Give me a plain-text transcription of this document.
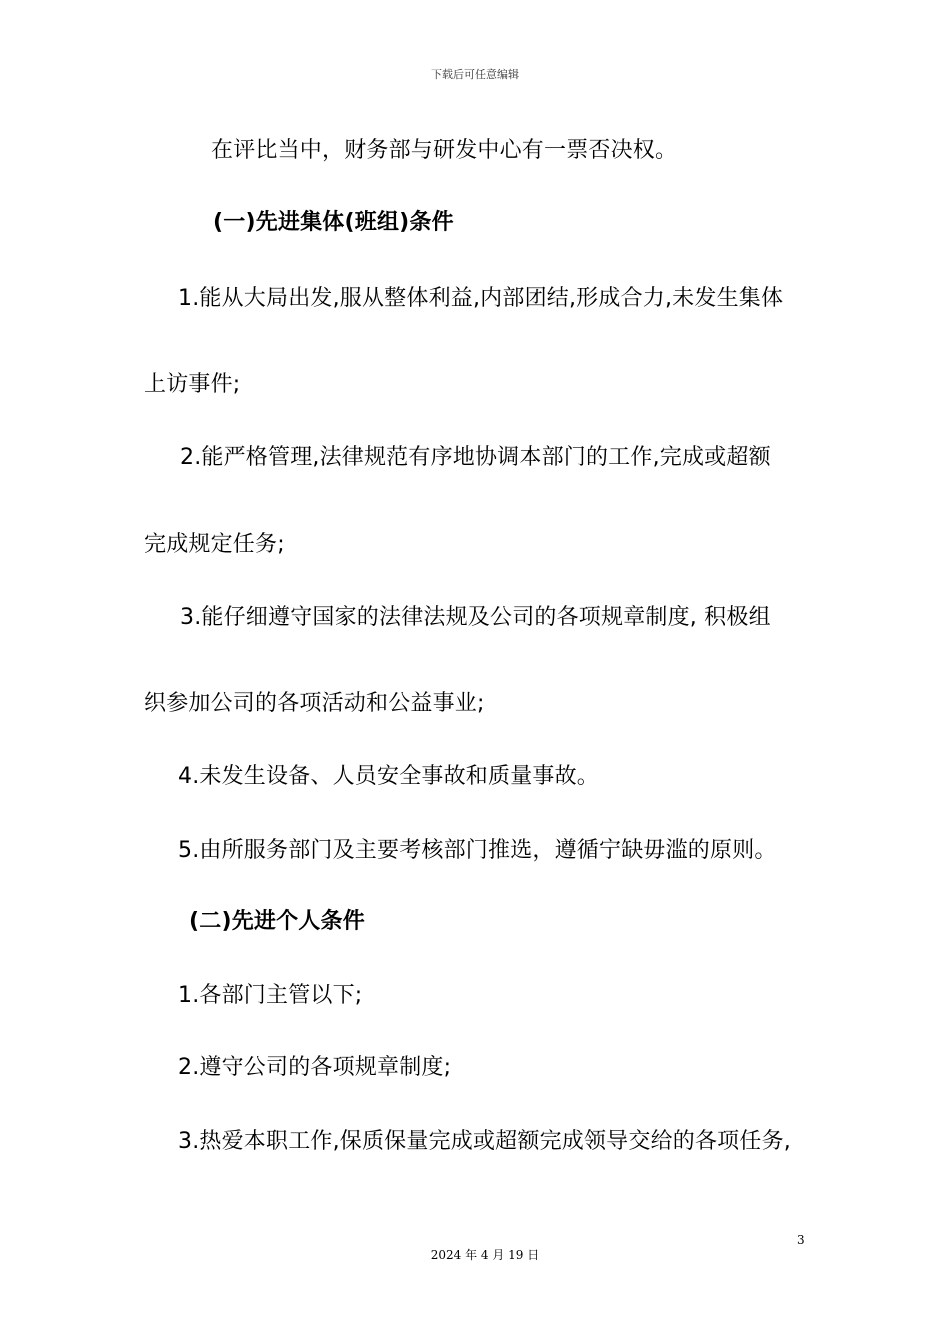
下载后可任意编辑
在评比当中，财务部与研发中心有一票否决权。
(一)先进集体(班组)条件
1.能从大局出发,服从整体利益,内部团结,形成合力,未发生集体
上访事件;
2.能严格管理,法律规范有序地协调本部门的工作,完成或超额
完成规定任务;
3.能仔细遵守国家的法律法规及公司的各项规章制度, 积极组
织参加公司的各项活动和公益事业;
4.未发生设备、人员安全事故和质量事故。
5.由所服务部门及主要考核部门推选，遵循宁缺毋滥的原则。
(二)先进个人条件
1.各部门主管以下;
2.遵守公司的各项规章制度;
3.热爱本职工作,保质保量完成或超额完成领导交给的各项任务,
3
2024 年 4 月 19 日
